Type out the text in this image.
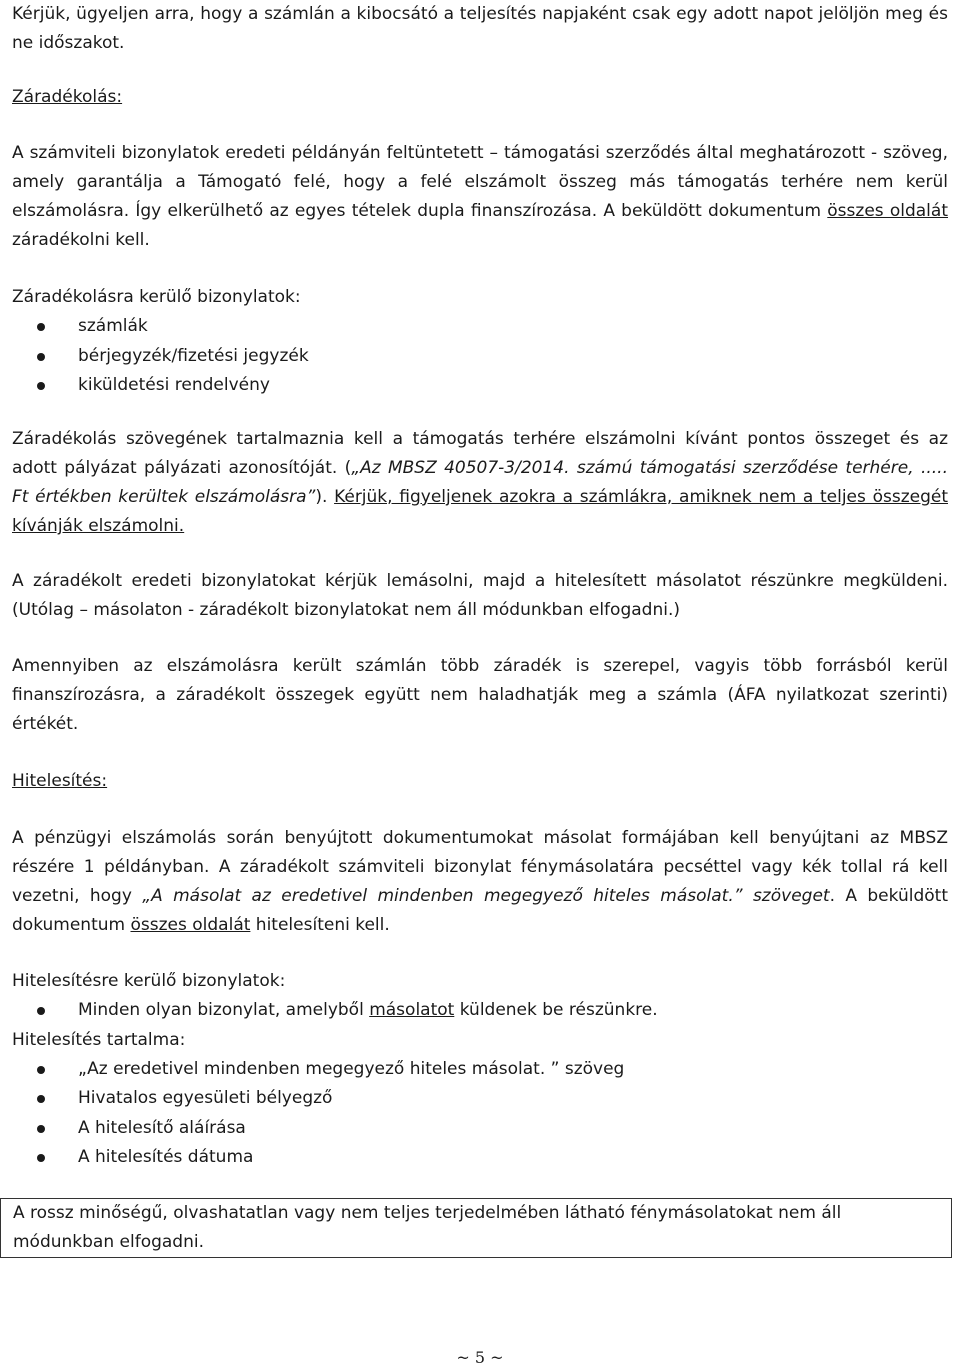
Kérjük, ügyeljen arra, hogy a számlán a kibocsátó a teljesítés napjaként csak egy adott napot jelöljön meg és ne időszakot.

Záradékolás:

A számviteli bizonylatok eredeti példányán feltüntetett – támogatási szerződés által meghatározott - szöveg, amely garantálja a Támogató felé, hogy a felé elszámolt összeg más támogatás terhére nem kerül elszámolásra. Így elkerülhető az egyes tételek dupla finanszírozása. A beküldött dokumentum összes oldalát záradékolni kell.

Záradékolásra kerülő bizonylatok:

számlák
bérjegyzék/fizetési jegyzék
kiküldetési rendelvény

Záradékolás szövegének tartalmaznia kell a támogatás terhére elszámolni kívánt pontos összeget és az adott pályázat pályázati azonosítóját. („Az MBSZ 40507-3/2014. számú támogatási szerződése terhére, ..... Ft értékben kerültek elszámolásra”). Kérjük, figyeljenek azokra a számlákra, amiknek nem a teljes összegét kívánják elszámolni.

A záradékolt eredeti bizonylatokat kérjük lemásolni, majd a hitelesített másolatot részünkre megküldeni. (Utólag – másolaton - záradékolt bizonylatokat nem áll módunkban elfogadni.)

Amennyiben az elszámolásra került számlán több záradék is szerepel, vagyis több forrásból kerül finanszírozásra, a záradékolt összegek együtt nem haladhatják meg a számla (ÁFA nyilatkozat szerinti) értékét.

Hitelesítés:

A pénzügyi elszámolás során benyújtott dokumentumokat másolat formájában kell benyújtani az MBSZ részére 1 példányban. A záradékolt számviteli bizonylat fénymásolatára pecséttel vagy kék tollal rá kell vezetni, hogy „A másolat az eredetivel mindenben megegyező hiteles másolat.” szöveget. A beküldött dokumentum összes oldalát hitelesíteni kell.

Hitelesítésre kerülő bizonylatok:

Minden olyan bizonylat, amelyből másolatot küldenek be részünkre.

Hitelesítés tartalma:

„Az eredetivel mindenben megegyező hiteles másolat. ” szöveg
Hivatalos egyesületi bélyegző
A hitelesítő aláírása
A hitelesítés dátuma

A rossz minőségű, olvashatatlan vagy nem teljes terjedelmében látható fénymásolatokat nem áll módunkban elfogadni.

~ 5 ~
